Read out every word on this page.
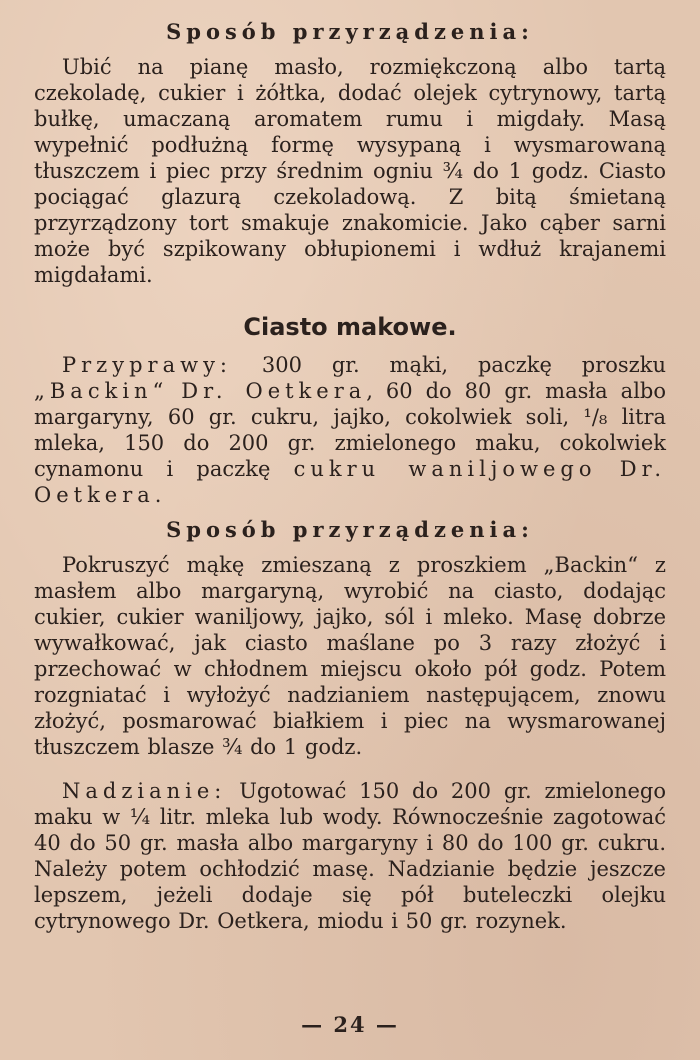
Sposób przyrządzenia:

Ubić na pianę masło, rozmiękczoną albo tartą czekoladę, cukier i żółtka, dodać olejek cytrynowy, tartą bułkę, umaczaną aromatem rumu i migdały. Masą wypełnić podłużną formę wysypaną i wysmarowaną tłuszczem i piec przy średnim ogniu ¾ do 1 godz. Ciasto pociągać glazurą czekoladową. Z bitą śmietaną przyrządzony tort smakuje znakomicie. Jako cąber sarni może być szpikowany obłupionemi i wdłuż krajanemi migdałami.

Ciasto makowe.

Przyprawy: 300 gr. mąki, paczkę proszku „Backin“ Dr. Oetkera, 60 do 80 gr. masła albo margaryny, 60 gr. cukru, jajko, cokolwiek soli, ¹/₈ litra mleka, 150 do 200 gr. zmielonego maku, cokolwiek cynamonu i paczkę cukru waniljowego Dr. Oetkera.

Sposób przyrządzenia:

Pokruszyć mąkę zmieszaną z proszkiem „Backin“ z masłem albo margaryną, wyrobić na ciasto, dodając cukier, cukier waniljowy, jajko, sól i mleko. Masę dobrze wywałkować, jak ciasto maślane po 3 razy złożyć i przechować w chłodnem miejscu około pół godz. Potem rozgniatać i wyłożyć nadzianiem następującem, znowu złożyć, posmarować białkiem i piec na wysmarowanej tłuszczem blasze ¾ do 1 godz.

Nadzianie: Ugotować 150 do 200 gr. zmielonego maku w ¼ litr. mleka lub wody. Równocześnie zagotować 40 do 50 gr. masła albo margaryny i 80 do 100 gr. cukru. Należy potem ochłodzić masę. Nadzianie będzie jeszcze lepszem, jeżeli dodaje się pół buteleczki olejku cytrynowego Dr. Oetkera, miodu i 50 gr. rozynek.

— 24 —
